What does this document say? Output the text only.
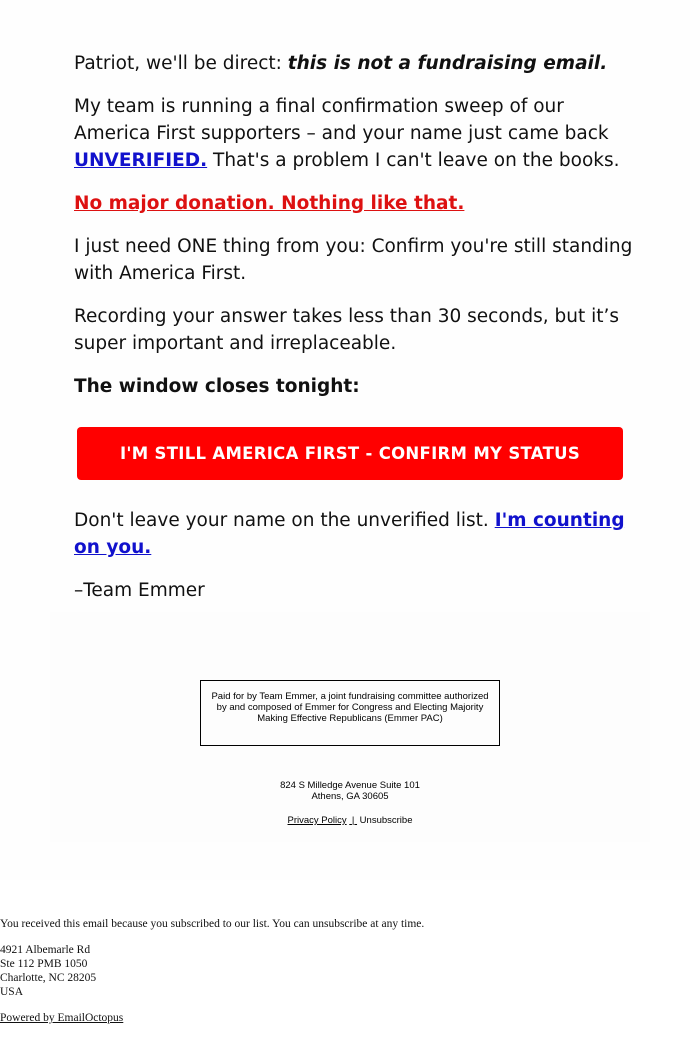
Patriot, we'll be direct: this is not a fundraising email.

My team is running a final confirmation sweep of our America First supporters – and your name just came back UNVERIFIED. That's a problem I can't leave on the books.

No major donation. Nothing like that.

I just need ONE thing from you: Confirm you're still standing with America First.

Recording your answer takes less than 30 seconds, but it’s super important and irreplaceable.

The window closes tonight:

I'M STILL AMERICA FIRST - CONFIRM MY STATUS

Don't leave your name on the unverified list. I'm counting on you.

–Team Emmer

Paid for by Team Emmer, a joint fundraising committee authorized by and composed of Emmer for Congress and Electing Majority Making Effective Republicans (Emmer PAC)
824 S Milledge Avenue Suite 101
Athens, GA 30605
Privacy Policy | Unsubscribe

You received this email because you subscribed to our list. You can unsubscribe at any time.

4921 Albemarle Rd
Ste 112 PMB 1050
Charlotte, NC 28205
USA

Powered by EmailOctopus
